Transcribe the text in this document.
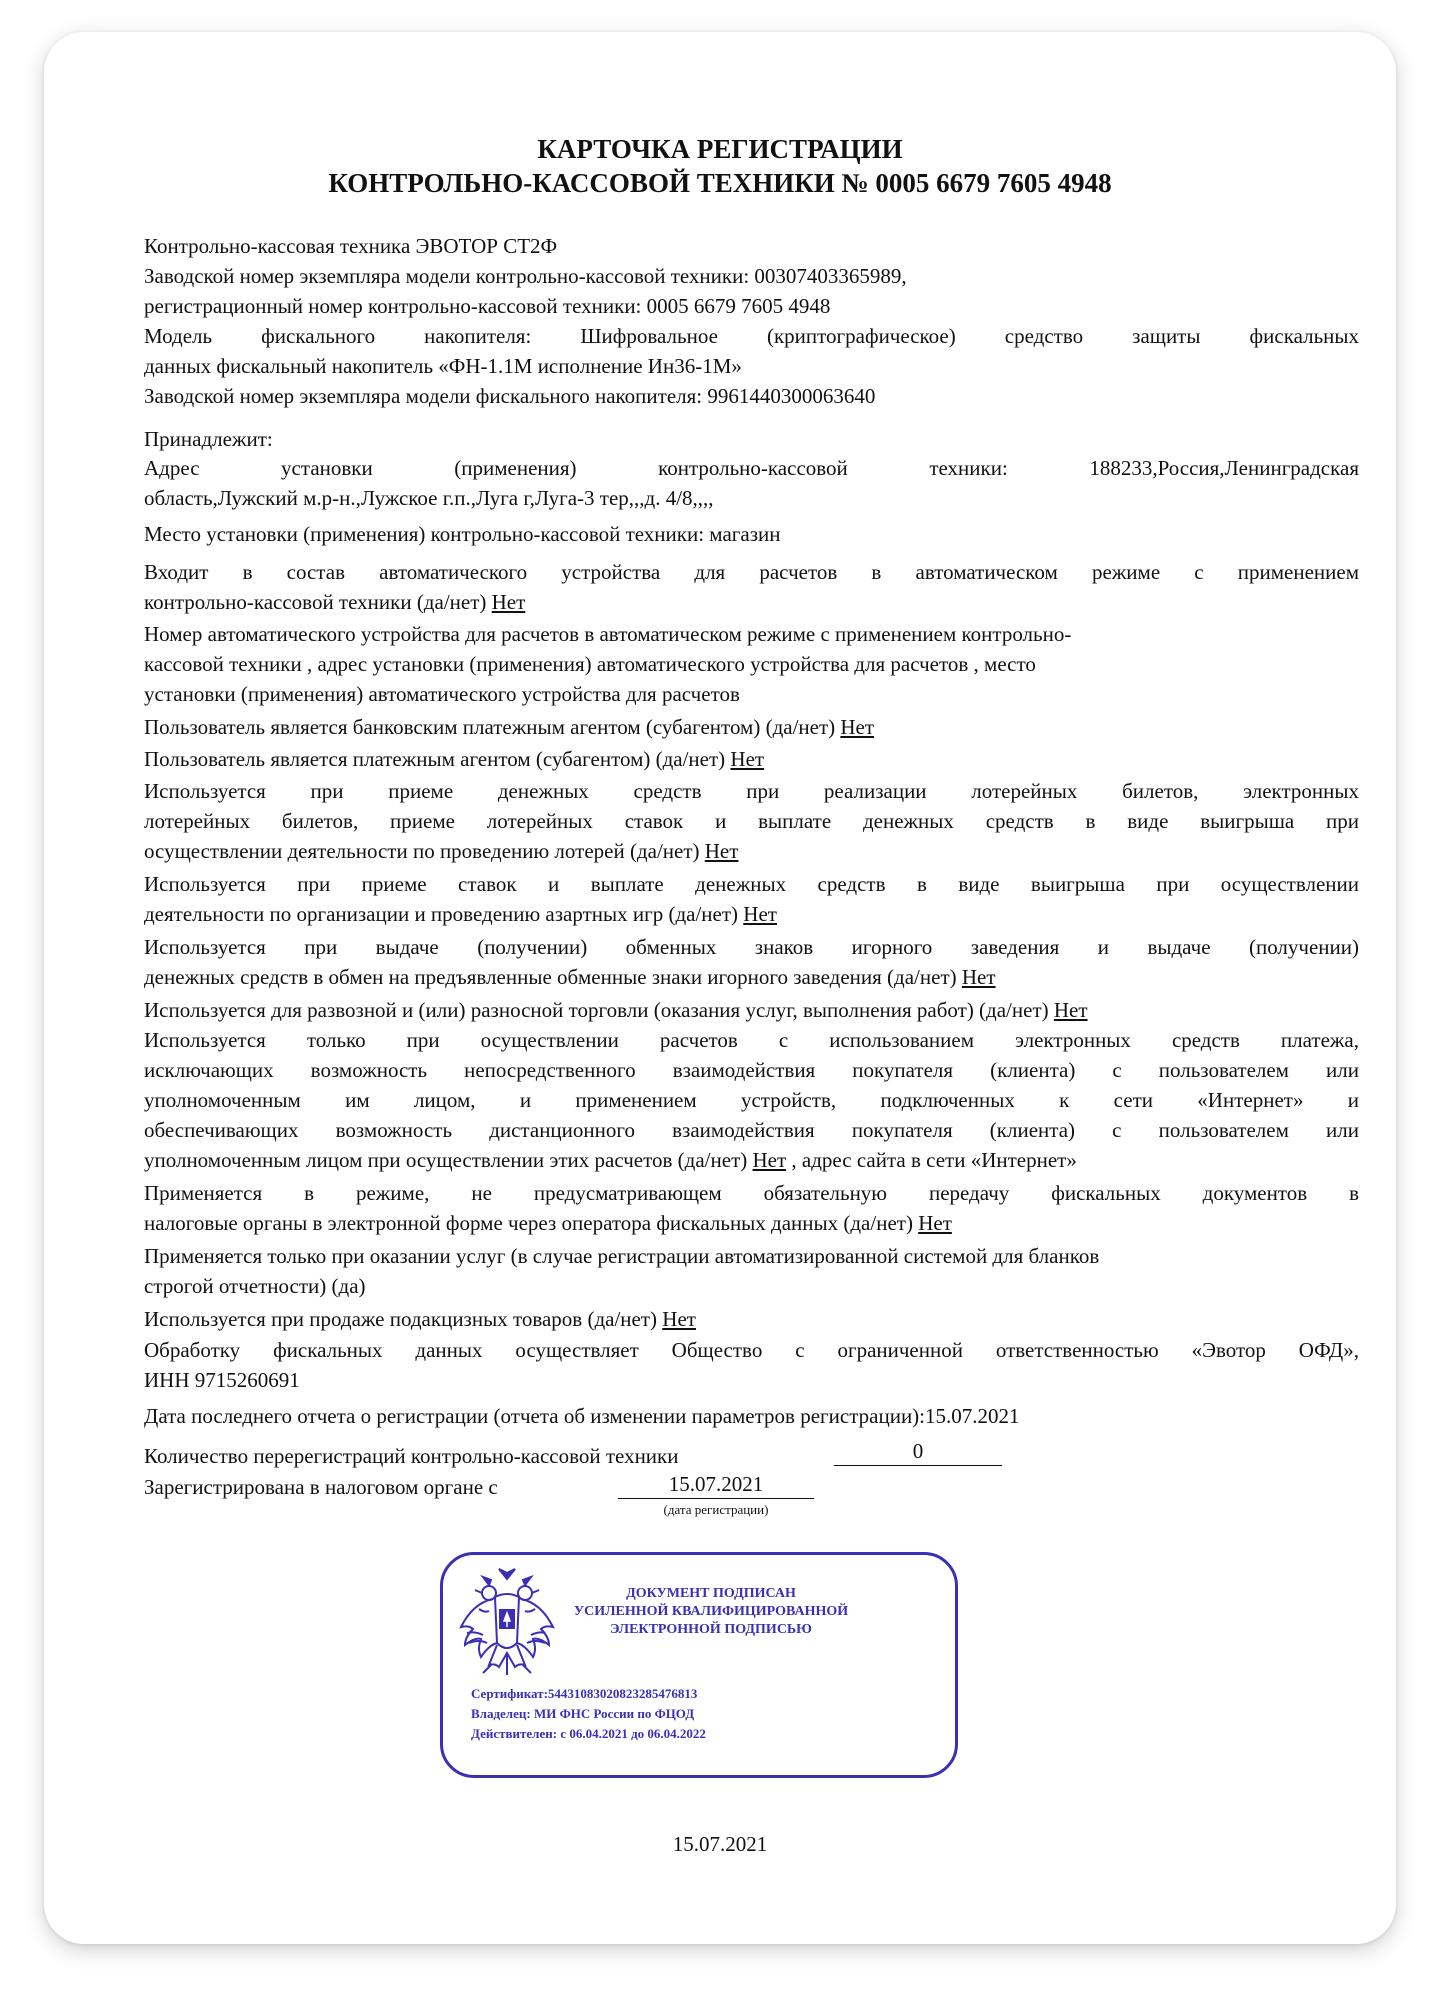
КАРТОЧКА РЕГИСТРАЦИИ
КОНТРОЛЬНО-КАССОВОЙ ТЕХНИКИ № 0005 6679 7605 4948
Контрольно-кассовая техника ЭВОТОР СТ2Ф
Заводской номер экземпляра модели контрольно-кассовой техники: 00307403365989,
регистрационный номер контрольно-кассовой техники: 0005 6679 7605 4948
Модель фискального накопителя: Шифровальное (криптографическое) средство защиты фискальных
данных фискальный накопитель «ФН-1.1М исполнение Ин36-1М»
Заводской номер экземпляра модели фискального накопителя: 9961440300063640
Принадлежит:
Адрес установки (применения) контрольно-кассовой техники: 188233,Россия,Ленинградская
область,Лужский м.р-н.,Лужское г.п.,Луга г,Луга-3 тер,,,д. 4/8,,,,
Место установки (применения) контрольно-кассовой техники: магазин
Входит в состав автоматического устройства для расчетов в автоматическом режиме с применением
контрольно-кассовой техники (да/нет) Нет
Номер автоматического устройства для расчетов в автоматическом режиме с применением контрольно-
кассовой техники , адрес установки (применения) автоматического устройства для расчетов , место
установки (применения) автоматического устройства для расчетов
Пользователь является банковским платежным агентом (субагентом) (да/нет) Нет
Пользователь является платежным агентом (субагентом) (да/нет) Нет
Используется при приеме денежных средств при реализации лотерейных билетов, электронных
лотерейных билетов, приеме лотерейных ставок и выплате денежных средств в виде выигрыша при
осуществлении деятельности по проведению лотерей (да/нет) Нет
Используется при приеме ставок и выплате денежных средств в виде выигрыша при осуществлении
деятельности по организации и проведению азартных игр (да/нет) Нет
Используется при выдаче (получении) обменных знаков игорного заведения и выдаче (получении)
денежных средств в обмен на предъявленные обменные знаки игорного заведения (да/нет) Нет
Используется для развозной и (или) разносной торговли (оказания услуг, выполнения работ) (да/нет) Нет
Используется только при осуществлении расчетов с использованием электронных средств платежа,
исключающих возможность непосредственного взаимодействия покупателя (клиента) с пользователем или
уполномоченным им лицом, и применением устройств, подключенных к сети «Интернет» и
обеспечивающих возможность дистанционного взаимодействия покупателя (клиента) с пользователем или
уполномоченным лицом при осуществлении этих расчетов (да/нет) Нет , адрес сайта в сети «Интернет»
Применяется в режиме, не предусматривающем обязательную передачу фискальных документов в
налоговые органы в электронной форме через оператора фискальных данных (да/нет) Нет
Применяется только при оказании услуг (в случае регистрации автоматизированной системой для бланков
строгой отчетности) (да)
Используется при продаже подакцизных товаров (да/нет) Нет
Обработку фискальных данных осуществляет Общество с ограниченной ответственностью «Эвотор ОФД»,
ИНН 9715260691
Дата последнего отчета о регистрации (отчета об изменении параметров регистрации):15.07.2021
Количество перерегистраций контрольно-кассовой техники	0
Зарегистрирована в налоговом органе с	15.07.2021
(дата регистрации)
ДОКУМЕНТ ПОДПИСАН
УСИЛЕННОЙ КВАЛИФИЦИРОВАННОЙ
ЭЛЕКТРОННОЙ ПОДПИСЬЮ
Сертификат:54431083020823285476813
Владелец: МИ ФНС России по ФЦОД
Действителен: с 06.04.2021 до 06.04.2022
15.07.2021
